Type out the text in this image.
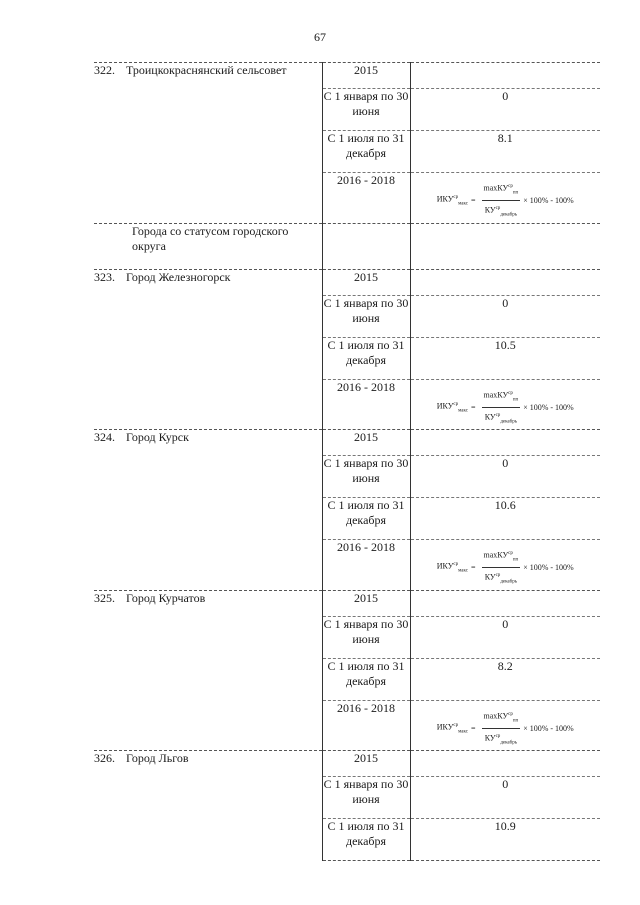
67
322. Троицкокраснянский сельсовет	2015	
	С 1 января по 30 июня	0
	С 1 июля по 31 декабря	8.1
	2016 - 2018	$ИКУ^{ср}_{макс} = \frac{\max КУ^{ср}_{пп}}{КУ^{ср}_{декабрь}} \times 100\% - 100\%$

Города со статусом городского округа		
323. Город Железногорск	2015	
	С 1 января по 30 июня	0
	С 1 июля по 31 декабря	10.5
	2016 - 2018	$ИКУ^{ср}_{макс} = \frac{\max КУ^{ср}_{пп}}{КУ^{ср}_{декабрь}} \times 100\% - 100\%$

324. Город Курск	2015	
	С 1 января по 30 июня	0
	С 1 июля по 31 декабря	10.6
	2016 - 2018	$ИКУ^{ср}_{макс} = \frac{\max КУ^{ср}_{пп}}{КУ^{ср}_{декабрь}} \times 100\% - 100\%$

325. Город Курчатов	2015	
	С 1 января по 30 июня	0
	С 1 июля по 31 декабря	8.2
	2016 - 2018	$ИКУ^{ср}_{макс} = \frac{\max КУ^{ср}_{пп}}{КУ^{ср}_{декабрь}} \times 100\% - 100\%$

326. Город Льгов	2015	
	С 1 января по 30 июня	0
	С 1 июля по 31 декабря	10.9
